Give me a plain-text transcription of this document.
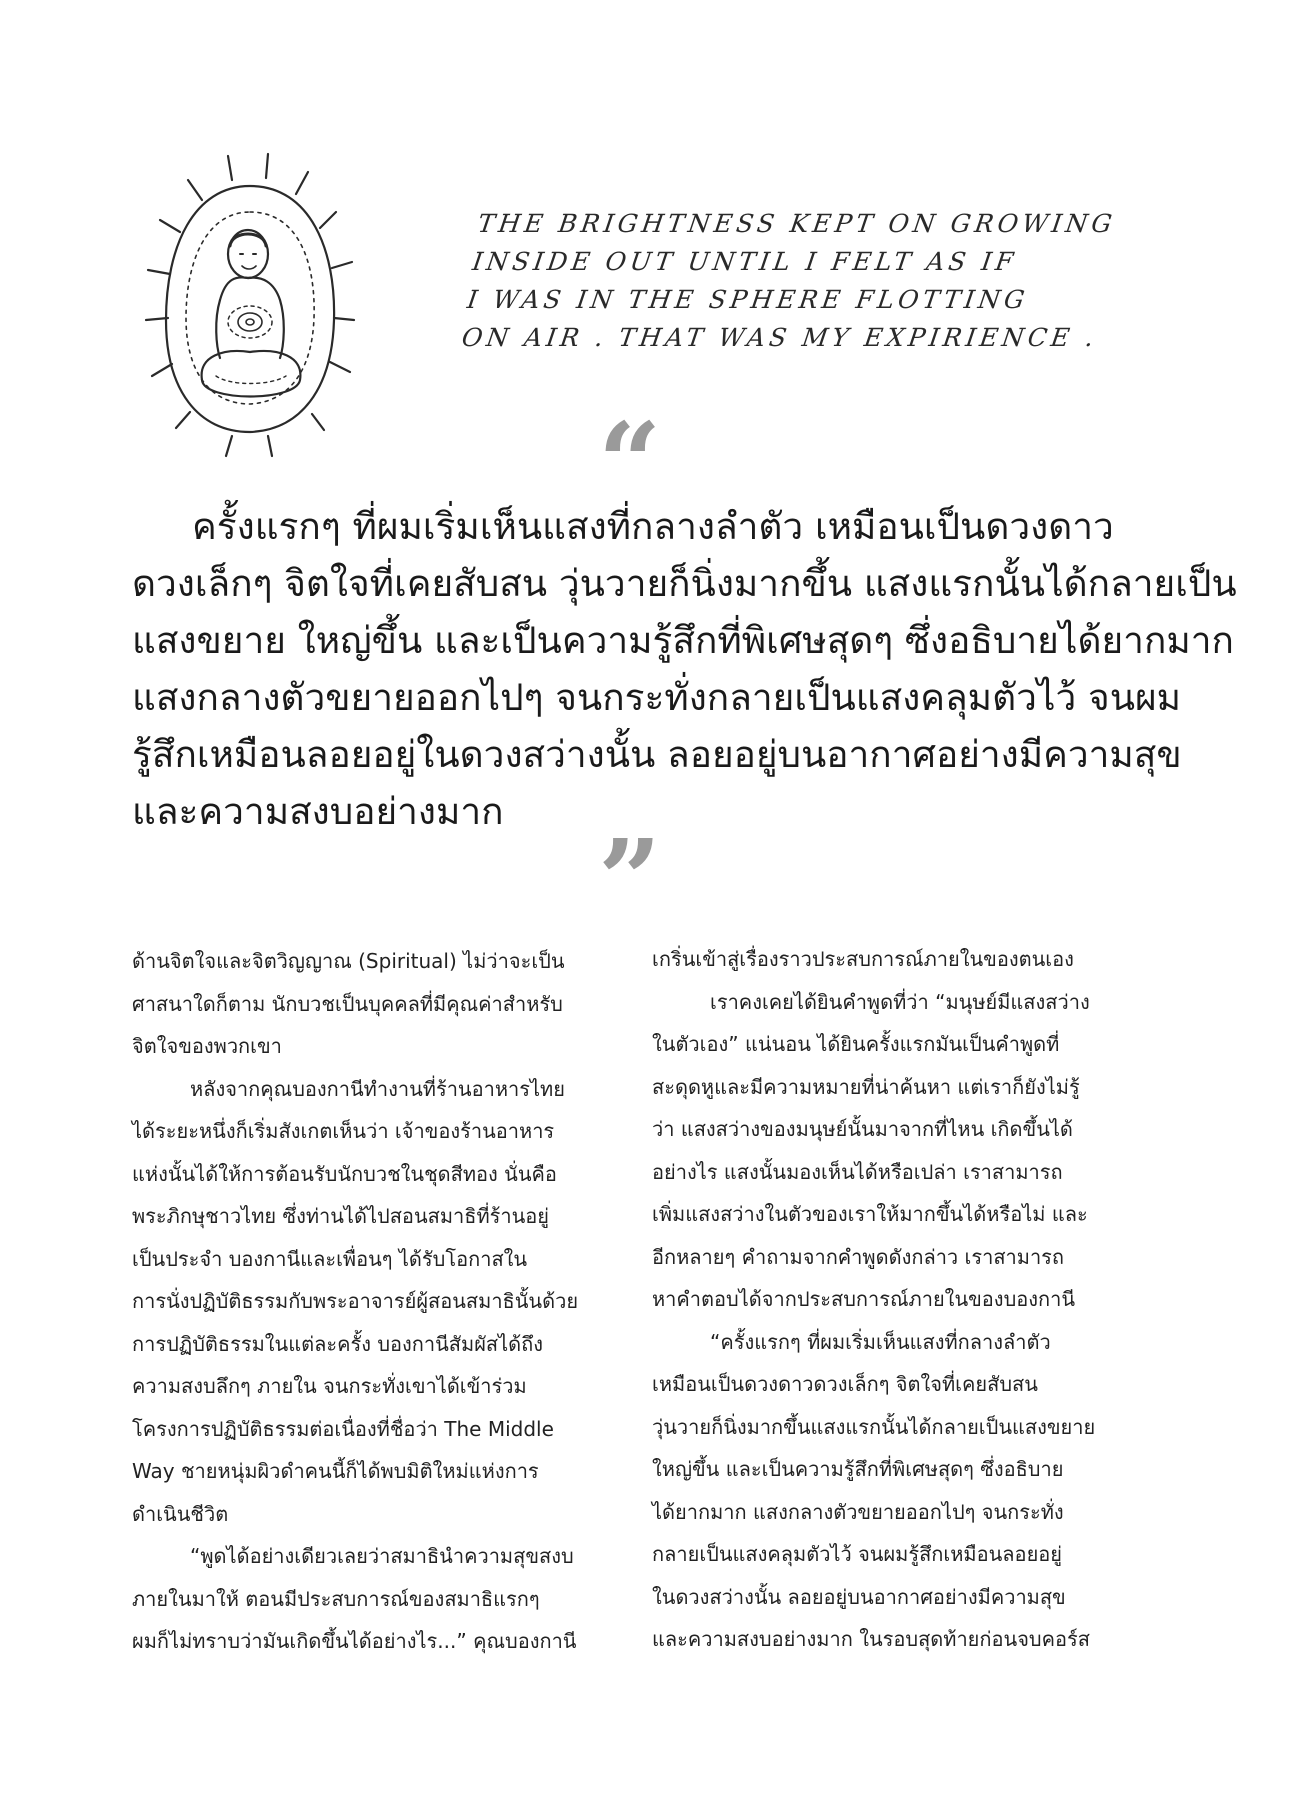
THE BRIGHTNESS KEPT ON GROWING
INSIDE OUT UNTIL I FELT AS IF
I WAS IN THE SPHERE FLOTTING
ON AIR . THAT WAS MY EXPIRIENCE .
“
ครั้งแรกๆ ที่ผมเริ่มเห็นแสงที่กลางลำตัว เหมือนเป็นดวงดาว
ดวงเล็กๆ จิตใจที่เคยสับสน วุ่นวายก็นิ่งมากขึ้น แสงแรกนั้นได้กลายเป็น
แสงขยาย ใหญ่ขึ้น และเป็นความรู้สึกที่พิเศษสุดๆ ซึ่งอธิบายได้ยากมาก
แสงกลางตัวขยายออกไปๆ จนกระทั่งกลายเป็นแสงคลุมตัวไว้ จนผม
รู้สึกเหมือนลอยอยู่ในดวงสว่างนั้น ลอยอยู่บนอากาศอย่างมีความสุข
และความสงบอย่างมาก
”
ด้านจิตใจและจิตวิญญาณ (Spiritual) ไม่ว่าจะเป็น
ศาสนาใดก็ตาม นักบวชเป็นบุคคลที่มีคุณค่าสำหรับ
จิตใจของพวกเขา
หลังจากคุณบองกานีทำงานที่ร้านอาหารไทย
ได้ระยะหนึ่งก็เริ่มสังเกตเห็นว่า เจ้าของร้านอาหาร
แห่งนั้นได้ให้การต้อนรับนักบวชในชุดสีทอง นั่นคือ
พระภิกษุชาวไทย ซึ่งท่านได้ไปสอนสมาธิที่ร้านอยู่
เป็นประจำ บองกานีและเพื่อนๆ ได้รับโอกาสใน
การนั่งปฏิบัติธรรมกับพระอาจารย์ผู้สอนสมาธินั้นด้วย
การปฏิบัติธรรมในแต่ละครั้ง บองกานีสัมผัสได้ถึง
ความสงบลึกๆ ภายใน จนกระทั่งเขาได้เข้าร่วม
โครงการปฏิบัติธรรมต่อเนื่องที่ชื่อว่า The Middle
Way ชายหนุ่มผิวดำคนนี้ก็ได้พบมิติใหม่แห่งการ
ดำเนินชีวิต
“พูดได้อย่างเดียวเลยว่าสมาธินำความสุขสงบ
ภายในมาให้ ตอนมีประสบการณ์ของสมาธิแรกๆ
ผมก็ไม่ทราบว่ามันเกิดขึ้นได้อย่างไร...” คุณบองกานี
เกริ่นเข้าสู่เรื่องราวประสบการณ์ภายในของตนเอง
เราคงเคยได้ยินคำพูดที่ว่า “มนุษย์มีแสงสว่าง
ในตัวเอง” แน่นอน ได้ยินครั้งแรกมันเป็นคำพูดที่
สะดุดหูและมีความหมายที่น่าค้นหา แต่เราก็ยังไม่รู้
ว่า แสงสว่างของมนุษย์นั้นมาจากที่ไหน เกิดขึ้นได้
อย่างไร แสงนั้นมองเห็นได้หรือเปล่า เราสามารถ
เพิ่มแสงสว่างในตัวของเราให้มากขึ้นได้หรือไม่ และ
อีกหลายๆ คำถามจากคำพูดดังกล่าว เราสามารถ
หาคำตอบได้จากประสบการณ์ภายในของบองกานี
“ครั้งแรกๆ ที่ผมเริ่มเห็นแสงที่กลางลำตัว
เหมือนเป็นดวงดาวดวงเล็กๆ จิตใจที่เคยสับสน
วุ่นวายก็นิ่งมากขึ้นแสงแรกนั้นได้กลายเป็นแสงขยาย
ใหญ่ขึ้น และเป็นความรู้สึกที่พิเศษสุดๆ ซึ่งอธิบาย
ได้ยากมาก แสงกลางตัวขยายออกไปๆ จนกระทั่ง
กลายเป็นแสงคลุมตัวไว้ จนผมรู้สึกเหมือนลอยอยู่
ในดวงสว่างนั้น ลอยอยู่บนอากาศอย่างมีความสุข
และความสงบอย่างมาก ในรอบสุดท้ายก่อนจบคอร์ส
